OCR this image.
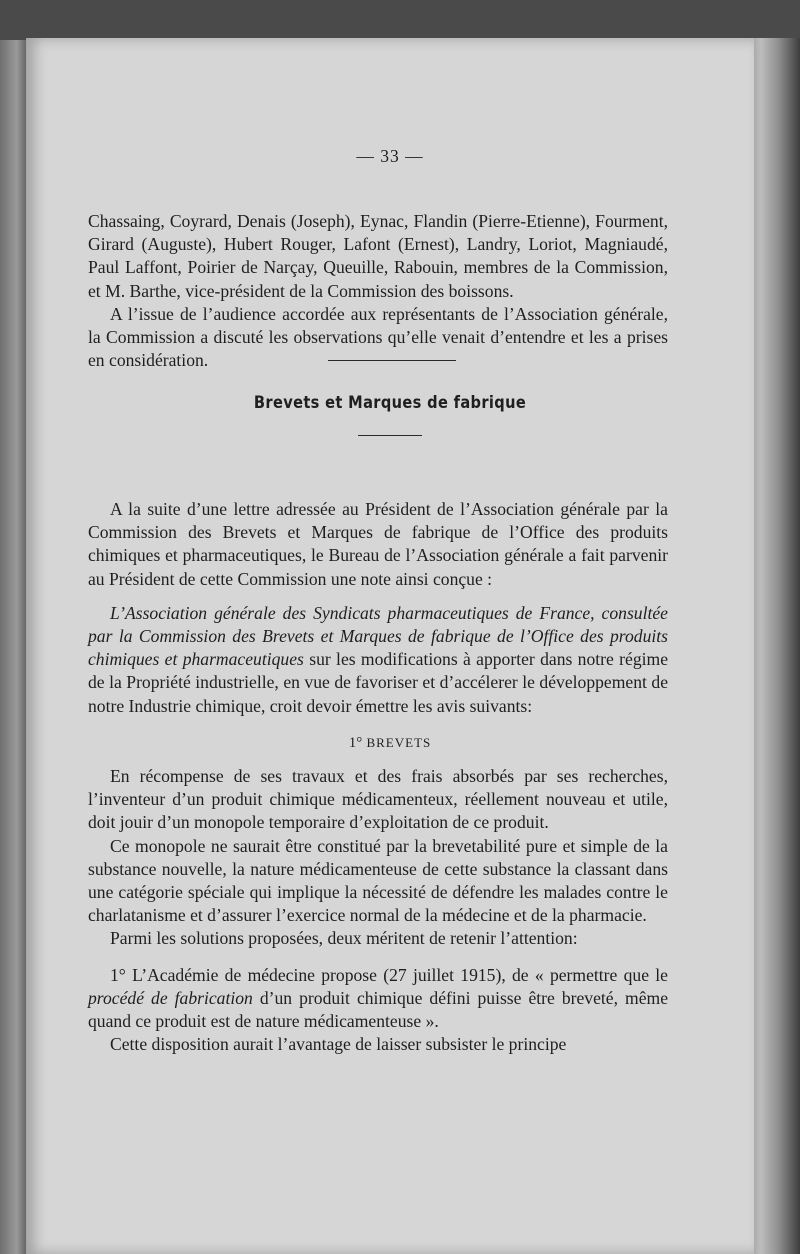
— 33 —

Chassaing, Coyrard, Denais (Joseph), Eynac, Flandin (Pierre-Etienne), Fourment, Girard (Auguste), Hubert Rouger, Lafont (Ernest), Landry, Loriot, Magniaudé, Paul Laffont, Poirier de Narçay, Queuille, Rabouin, membres de la Commission, et M. Barthe, vice-président de la Commission des boissons.

A l’issue de l’audience accordée aux représentants de l’Association générale, la Commission a discuté les observations qu’elle venait d’entendre et les a prises en considération.

Brevets et Marques de fabrique

A la suite d’une lettre adressée au Président de l’Association générale par la Commission des Brevets et Marques de fabrique de l’Office des produits chimiques et pharmaceutiques, le Bureau de l’Association générale a fait parvenir au Président de cette Commission une note ainsi conçue :

L’Association générale des Syndicats pharmaceutiques de France, consultée par la Commission des Brevets et Marques de fabrique de l’Office des produits chimiques et pharmaceutiques sur les modifications à apporter dans notre régime de la Propriété industrielle, en vue de favoriser et d’accélerer le développement de notre Industrie chimique, croit devoir émettre les avis suivants:

1° BREVETS

En récompense de ses travaux et des frais absorbés par ses recherches, l’inventeur d’un produit chimique médicamenteux, réellement nouveau et utile, doit jouir d’un monopole temporaire d’exploitation de ce produit.

Ce monopole ne saurait être constitué par la brevetabilité pure et simple de la substance nouvelle, la nature médicamenteuse de cette substance la classant dans une catégorie spéciale qui implique la nécessité de défendre les malades contre le charlatanisme et d’assurer l’exercice normal de la médecine et de la pharmacie.

Parmi les solutions proposées, deux méritent de retenir l’attention:

1° L’Académie de médecine propose (27 juillet 1915), de « permettre que le procédé de fabrication d’un produit chimique défini puisse être breveté, même quand ce produit est de nature médicamenteuse ».

Cette disposition aurait l’avantage de laisser subsister le principe
